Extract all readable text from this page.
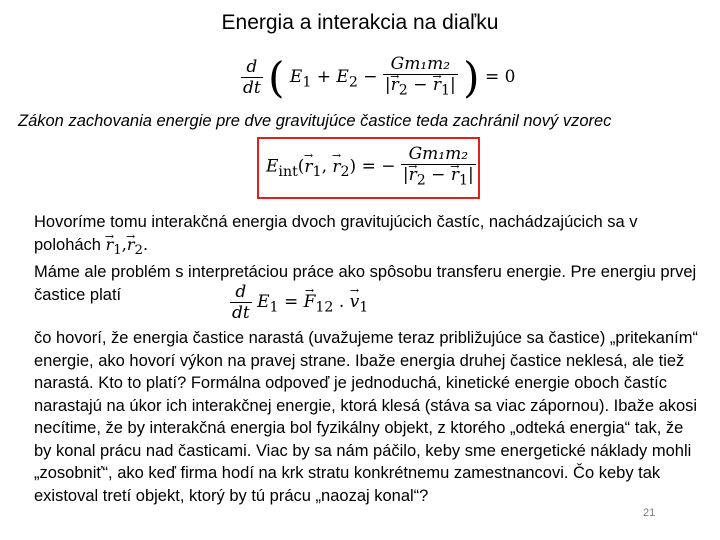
Energia a interakcia na diaľku
$\frac{d}{dt}$ ( $E_1 + E_2 - \frac{\text{Gm₁m₂}}{|\to r_2 - \to r_1|}$ ) = 0
Zákon zachovania energie pre dve gravitujúce častice teda zachránil nový vzorec
$E_{int}(\to r_1$, → $r_2$) = − $\frac{\text{Gm₁m₂}}{|\to r_2 - \to r_1|}$
Hovoríme tomu interakčná energia dvoch gravitujúcich častíc, nachádzajúcich sa v polohách → $r_1,\to r_2$.
Máme ale problém s interpretáciou práce ako spôsobu transferu energie. Pre energiu prvej častice platí	$\frac{d}{dt} E_1$ = → $F_{12}$ . → $v_1$
čo hovorí, že energia častice narastá (uvažujeme teraz približujúce sa častice) „pritekaním“ energie, ako hovorí výkon na pravej strane. Ibaže energia druhej častice neklesá, ale tiež narastá. Kto to platí? Formálna odpoveď je jednoduchá, kinetické energie oboch častíc narastajú na úkor ich interakčnej energie, ktorá klesá (stáva sa viac zápornou). Ibaže akosi necítime, že by interakčná energia bol fyzikálny objekt, z ktorého „odteká energia“ tak, že by konal prácu nad časticami. Viac by sa nám páčilo, keby sme energetické náklady mohli „zosobniť“, ako keď firma hodí na krk stratu konkrétnemu zamestnancovi. Čo keby tak existoval tretí objekt, ktorý by tú prácu „naozaj konal“?
21
